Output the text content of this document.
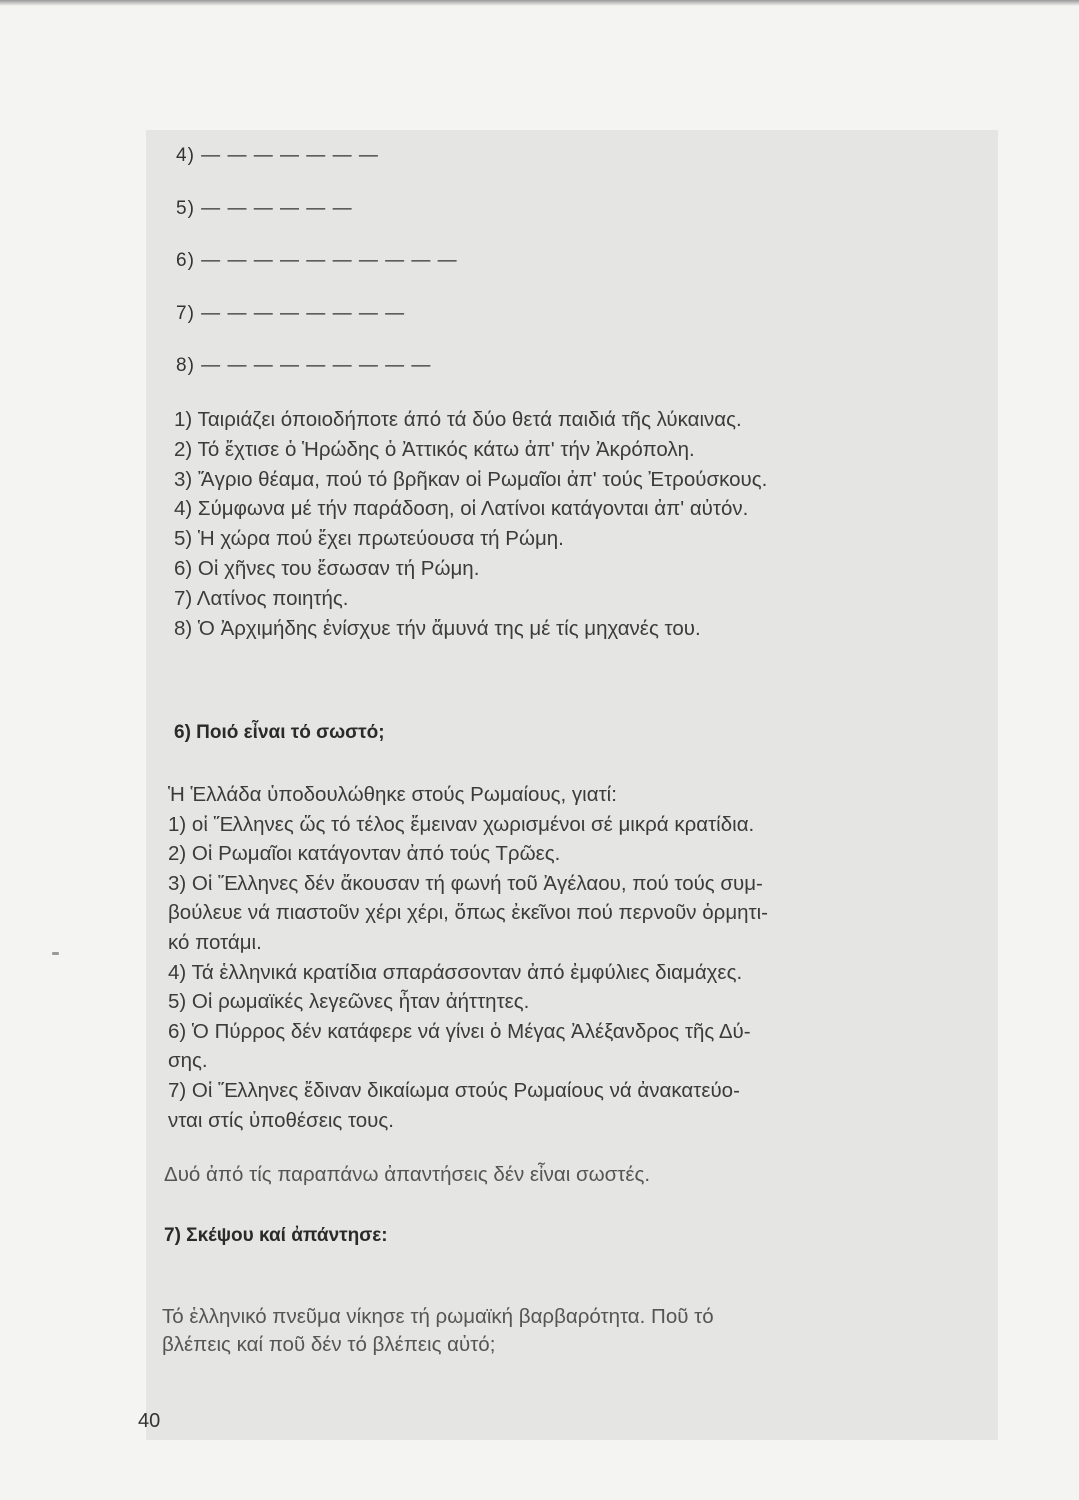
4) — — — — — — —
5) — — — — — —
6) — — — — — — — — — —
7) — — — — — — — —
8) — — — — — — — — —
1) Ταιριάζει όποιοδήποτε άπό τά δύο θετά παιδιά τῆς λύκαινας.
2) Τό ἔχτισε ὁ Ἡρώδης ὁ Ἀττικός κάτω ἀπ' τήν Ἀκρόπολη.
3) Ἄγριο θέαμα, πού τό βρῆκαν οἱ Ρωμαῖοι ἀπ' τούς Ἐτρούσκους.
4) Σύμφωνα μέ τήν παράδοση, οἱ Λατίνοι κατάγονται ἀπ' αὐτόν.
5) Ἡ χώρα πού ἔχει πρωτεύουσα τή Ρώμη.
6) Οἱ χῆνες του ἔσωσαν τή Ρώμη.
7) Λατίνος ποιητής.
8) Ὁ Ἀρχιμήδης ἐνίσχυε τήν ἄμυνά της μέ τίς μηχανές του.
6) Ποιό εἶναι τό σωστό;
Ἡ Ἑλλάδα ὑποδουλώθηκε στούς Ρωμαίους, γιατί:
1) οἱ Ἕλληνες ὥς τό τέλος ἔμειναν χωρισμένοι σέ μικρά κρατίδια.
2) Οἱ Ρωμαῖοι κατάγονταν ἀπό τούς Τρῶες.
3) Οἱ Ἕλληνες δέν ἄκουσαν τή φωνή τοῦ Ἀγέλαου, πού τούς συμ-
βούλευε νά πιαστοῦν χέρι χέρι, ὅπως ἐκεῖνοι πού περνοῦν ὁρμητι-
κό ποτάμι.
4) Τά ἑλληνικά κρατίδια σπαράσσονταν ἀπό ἐμφύλιες διαμάχες.
5) Οἱ ρωμαϊκές λεγεῶνες ἦταν ἀήττητες.
6) Ὁ Πύρρος δέν κατάφερε νά γίνει ὁ Μέγας Ἀλέξανδρος τῆς Δύ-
σης.
7) Οἱ Ἕλληνες ἔδιναν δικαίωμα στούς Ρωμαίους νά ἀνακατεύο-
νται στίς ὑποθέσεις τους.
Δυό ἀπό τίς παραπάνω ἀπαντήσεις δέν εἶναι σωστές.
7) Σκέψου καί ἀπάντησε:
Τό ἑλληνικό πνεῦμα νίκησε τή ρωμαϊκή βαρβαρότητα. Ποῦ τό
βλέπεις καί ποῦ δέν τό βλέπεις αὐτό;
40
